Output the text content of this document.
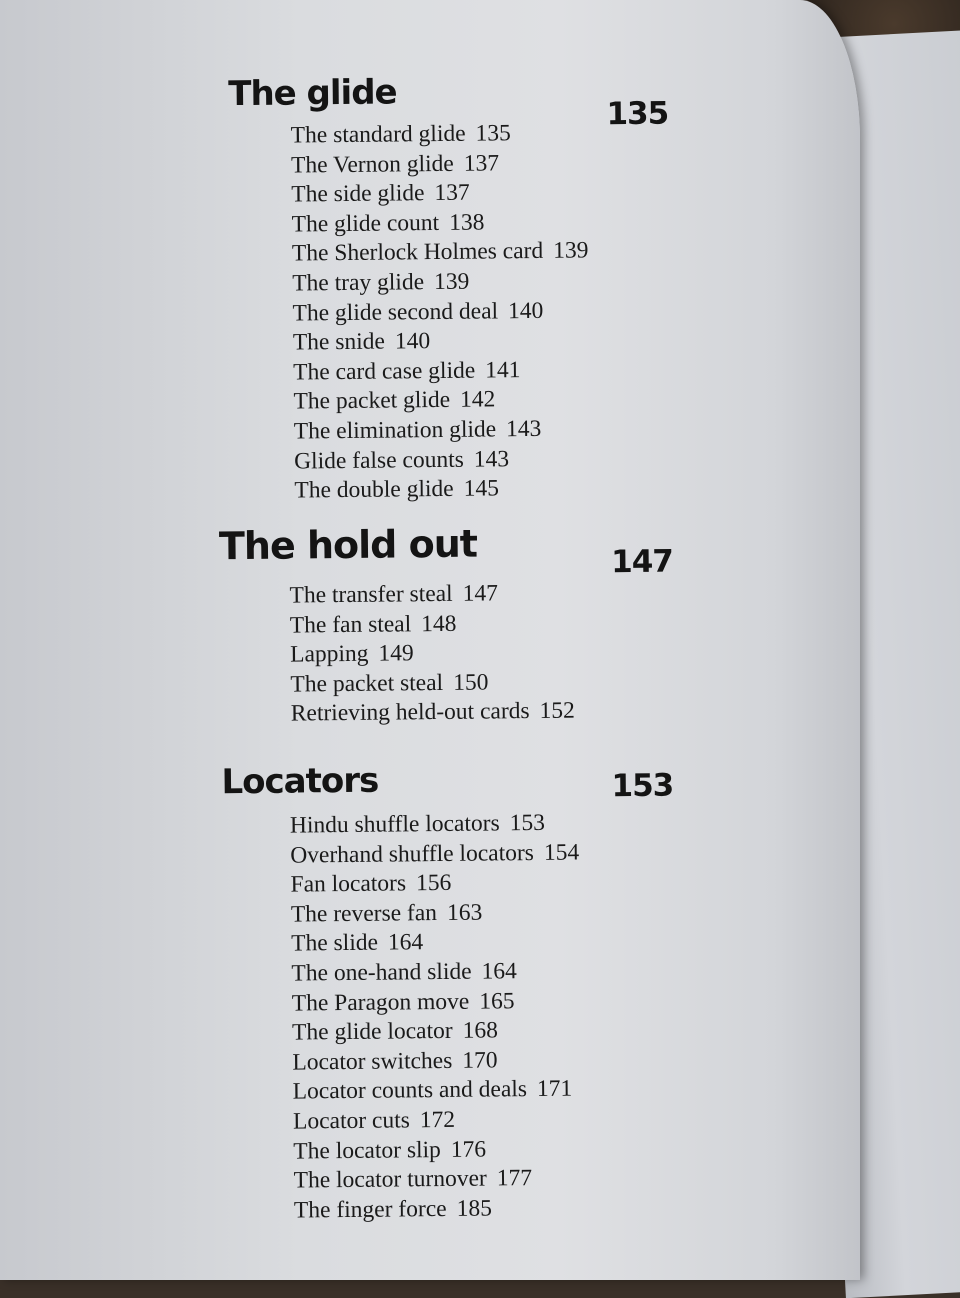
The glide	135
The standard glide 135
The Vernon glide 137
The side glide 137
The glide count 138
The Sherlock Holmes card 139
The tray glide 139
The glide second deal 140
The snide 140
The card case glide 141
The packet glide 142
The elimination glide 143
Glide false counts 143
The double glide 145
The hold out	147
The transfer steal 147
The fan steal 148
Lapping 149
The packet steal 150
Retrieving held-out cards 152
Locators	153
Hindu shuffle locators 153
Overhand shuffle locators 154
Fan locators 156
The reverse fan 163
The slide 164
The one-hand slide 164
The Paragon move 165
The glide locator 168
Locator switches 170
Locator counts and deals 171
Locator cuts 172
The locator slip 176
The locator turnover 177
The finger force 185
